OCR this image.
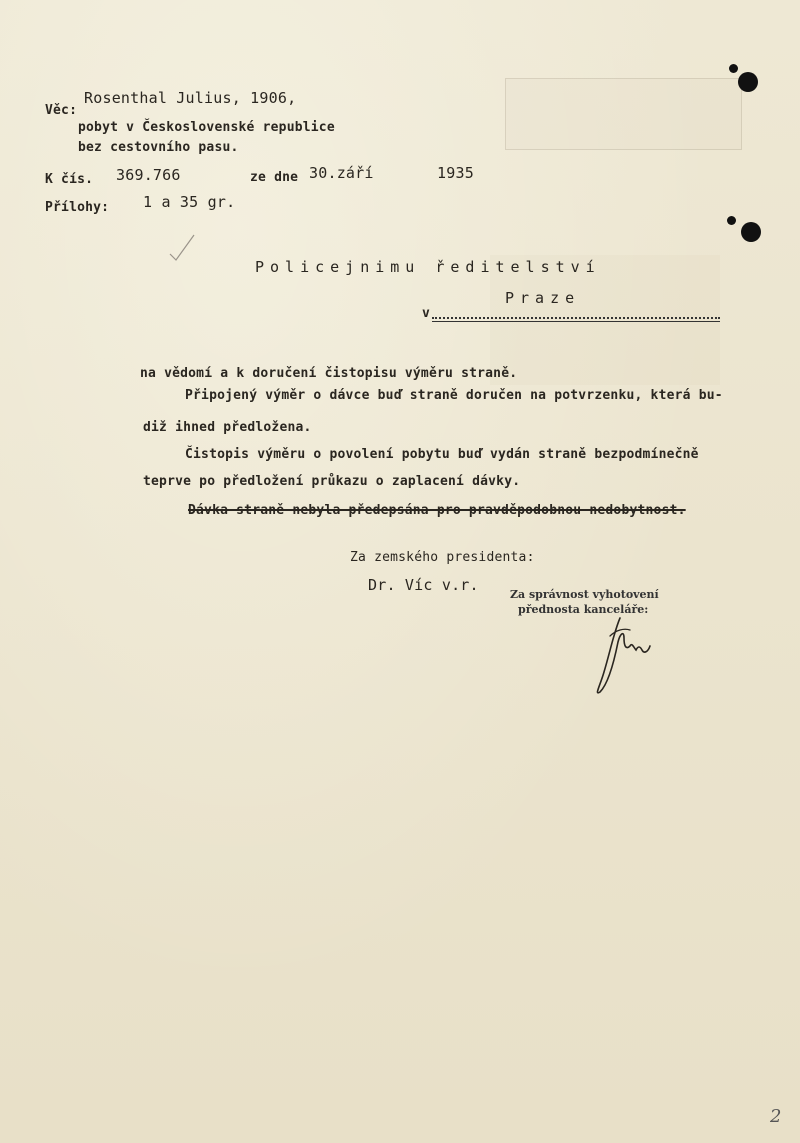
Věc:
Rosenthal Julius, 1906,
pobyt v Československé republice
bez cestovního pasu.
K čís. 369.766	ze dne 30.září	1935
Přílohy: 1 a 35 gr.
Policejnimu ředitelství
v
Praze
na vědomí a k doručení čistopisu výměru straně.
Připojený výměr o dávce buď straně doručen na potvrzenku, která bu-
diž ihned předložena.
Čistopis výměru o povolení pobytu buď vydán straně bezpodmínečně
teprve po předložení průkazu o zaplacení dávky.
Dávka straně nebyla předepsána pro pravděpodobnou nedobytnost.
Za zemského presidenta:
Dr. Víc v.r.
Za správnost vyhotovení
přednosta kanceláře:
2
